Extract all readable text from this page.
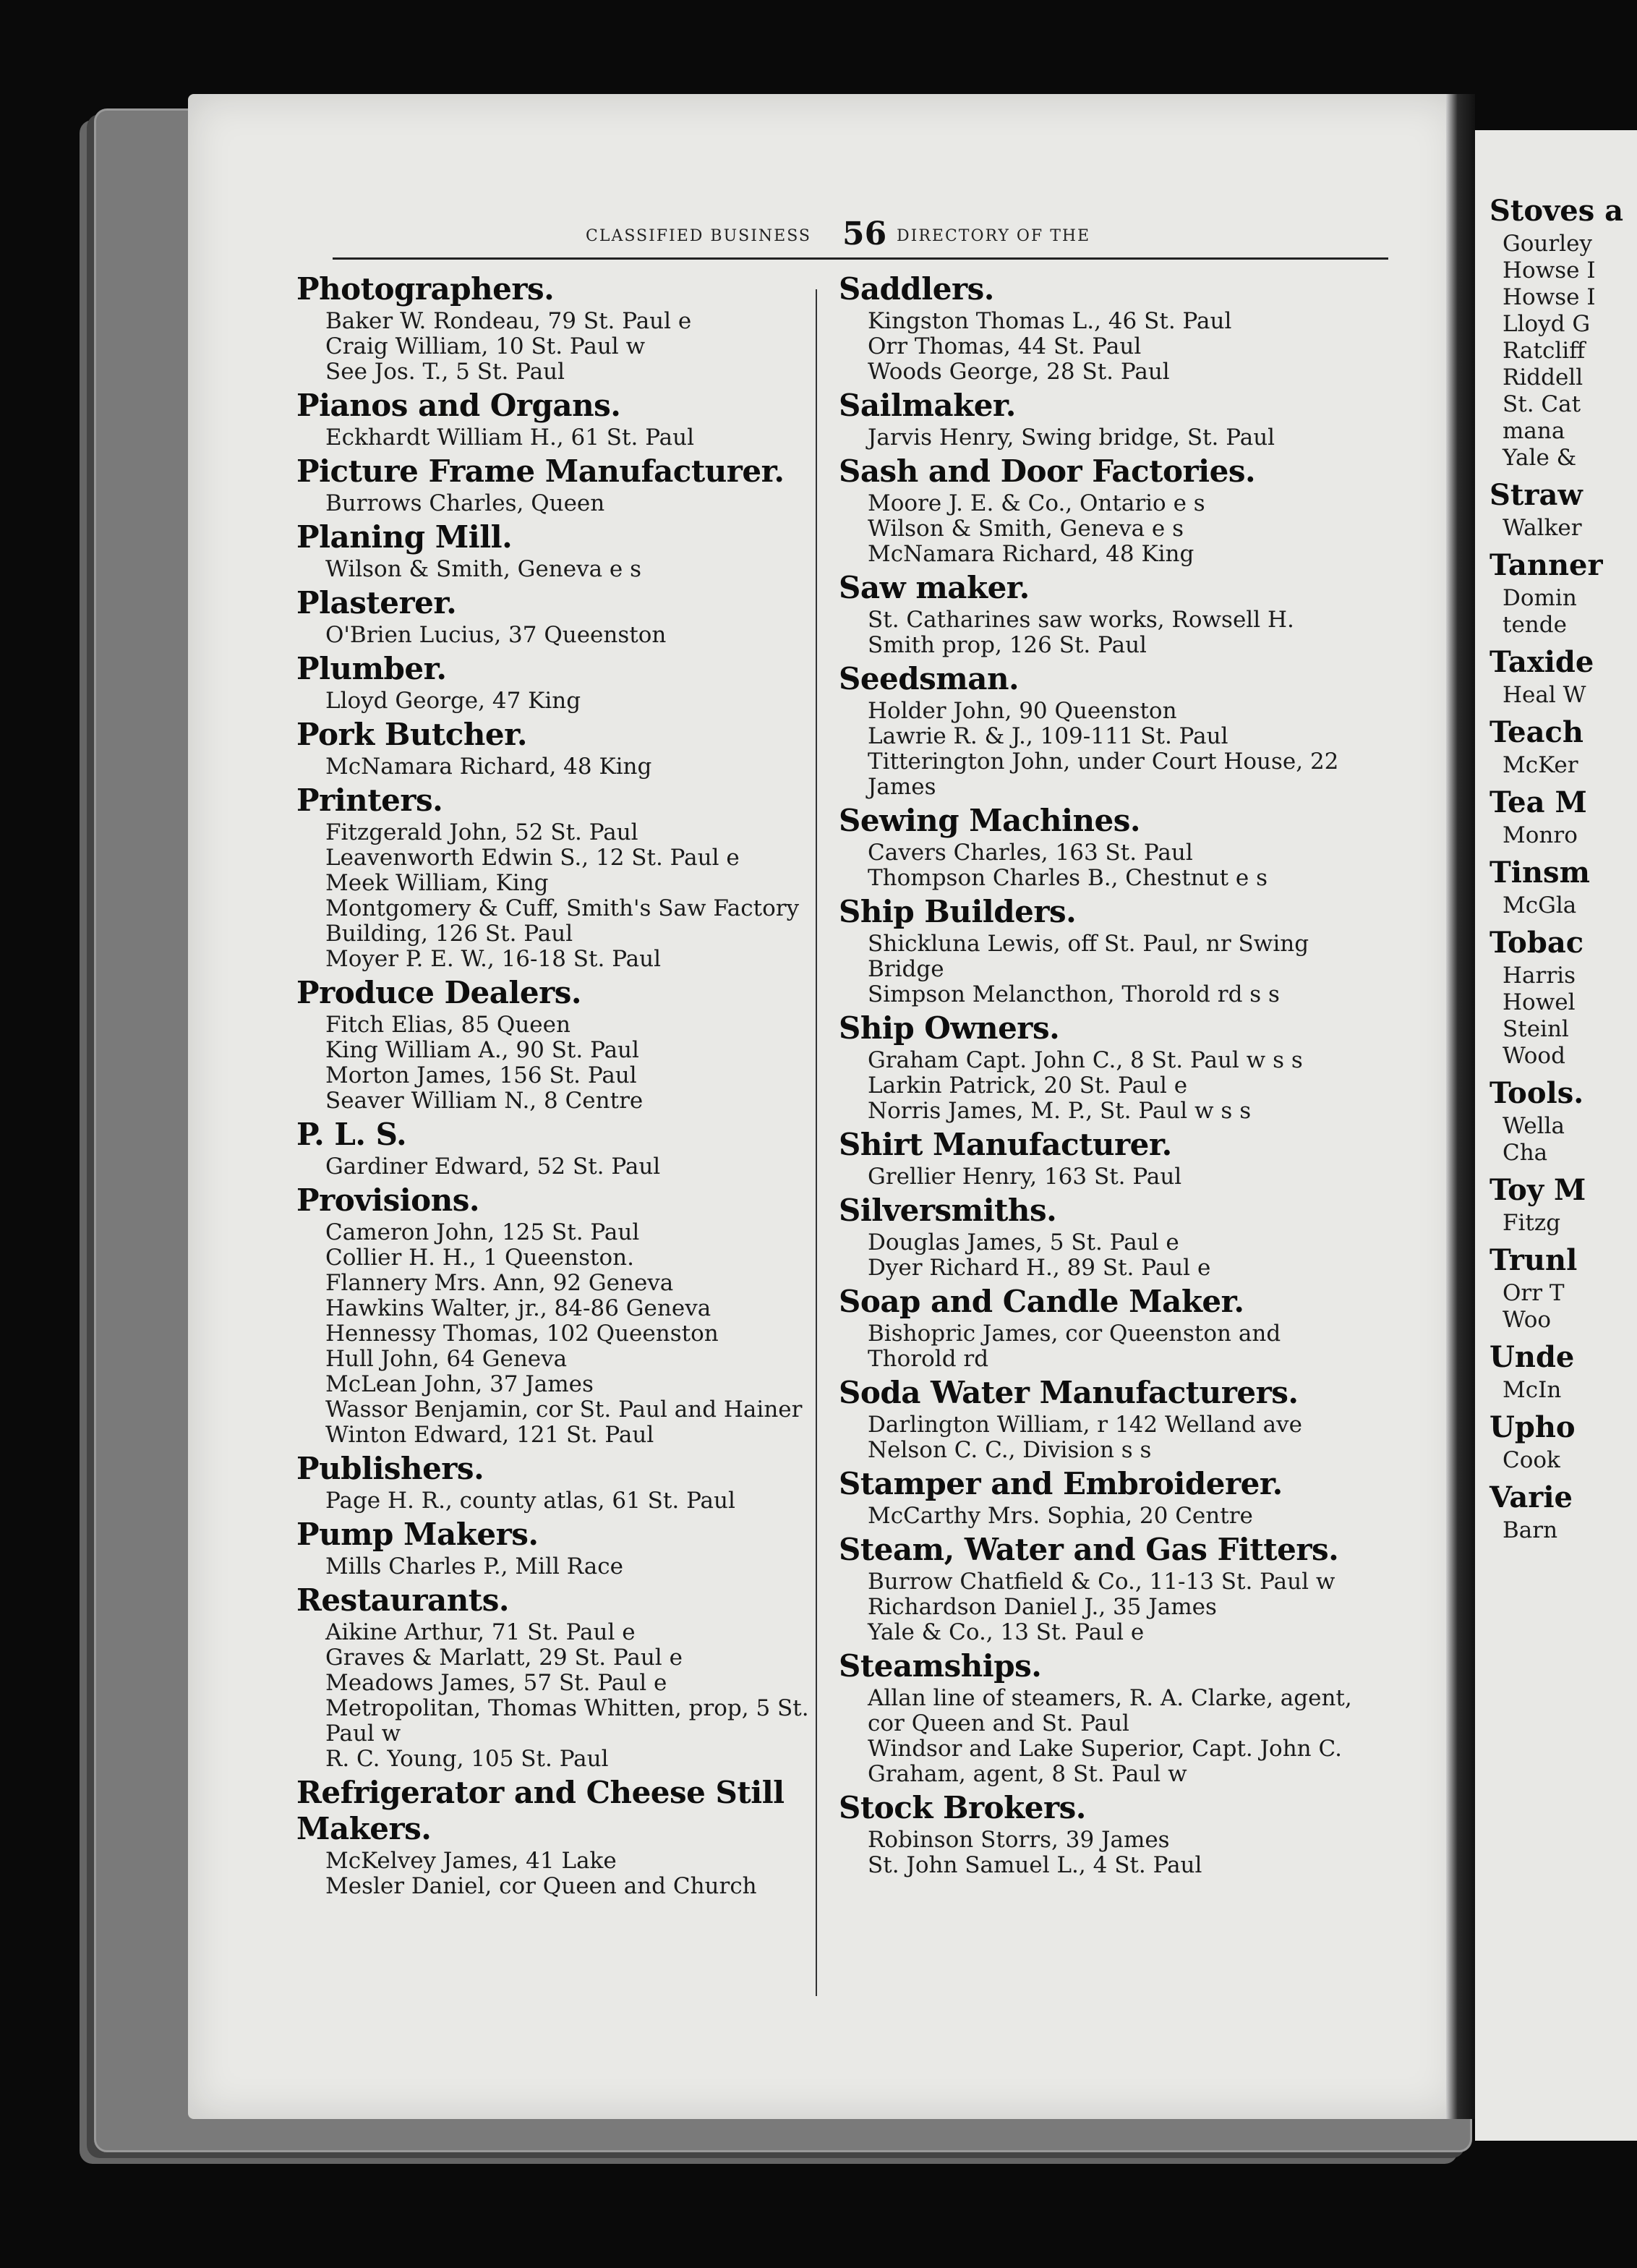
CLASSIFIED BUSINESS 56 DIRECTORY OF THE
Photographers.
Baker W. Rondeau, 79 St. Paul e
Craig William, 10 St. Paul w
See Jos. T., 5 St. Paul
Pianos and Organs.
Eckhardt William H., 61 St. Paul
Picture Frame Manufacturer.
Burrows Charles, Queen
Planing Mill.
Wilson & Smith, Geneva e s
Plasterer.
O'Brien Lucius, 37 Queenston
Plumber.
Lloyd George, 47 King
Pork Butcher.
McNamara Richard, 48 King
Printers.
Fitzgerald John, 52 St. Paul
Leavenworth Edwin S., 12 St. Paul e
Meek William, King
Montgomery & Cuff, Smith's Saw Factory Building, 126 St. Paul
Moyer P. E. W., 16-18 St. Paul
Produce Dealers.
Fitch Elias, 85 Queen
King William A., 90 St. Paul
Morton James, 156 St. Paul
Seaver William N., 8 Centre
P. L. S.
Gardiner Edward, 52 St. Paul
Provisions.
Cameron John, 125 St. Paul
Collier H. H., 1 Queenston.
Flannery Mrs. Ann, 92 Geneva
Hawkins Walter, jr., 84-86 Geneva
Hennessy Thomas, 102 Queenston
Hull John, 64 Geneva
McLean John, 37 James
Wassor Benjamin, cor St. Paul and Hainer
Winton Edward, 121 St. Paul
Publishers.
Page H. R., county atlas, 61 St. Paul
Pump Makers.
Mills Charles P., Mill Race
Restaurants.
Aikine Arthur, 71 St. Paul e
Graves & Marlatt, 29 St. Paul e
Meadows James, 57 St. Paul e
Metropolitan, Thomas Whitten, prop, 5 St. Paul w
R. C. Young, 105 St. Paul
Refrigerator and Cheese Still Makers.
McKelvey James, 41 Lake
Mesler Daniel, cor Queen and Church
Saddlers.
Kingston Thomas L., 46 St. Paul
Orr Thomas, 44 St. Paul
Woods George, 28 St. Paul
Sailmaker.
Jarvis Henry, Swing bridge, St. Paul
Sash and Door Factories.
Moore J. E. & Co., Ontario e s
Wilson & Smith, Geneva e s
McNamara Richard, 48 King
Saw maker.
St. Catharines saw works, Rowsell H. Smith prop, 126 St. Paul
Seedsman.
Holder John, 90 Queenston
Lawrie R. & J., 109-111 St. Paul
Titterington John, under Court House, 22 James
Sewing Machines.
Cavers Charles, 163 St. Paul
Thompson Charles B., Chestnut e s
Ship Builders.
Shickluna Lewis, off St. Paul, nr Swing Bridge
Simpson Melancthon, Thorold rd s s
Ship Owners.
Graham Capt. John C., 8 St. Paul w s s
Larkin Patrick, 20 St. Paul e
Norris James, M. P., St. Paul w s s
Shirt Manufacturer.
Grellier Henry, 163 St. Paul
Silversmiths.
Douglas James, 5 St. Paul e
Dyer Richard H., 89 St. Paul e
Soap and Candle Maker.
Bishopric James, cor Queenston and Thorold rd
Soda Water Manufacturers.
Darlington William, r 142 Welland ave
Nelson C. C., Division s s
Stamper and Embroiderer.
McCarthy Mrs. Sophia, 20 Centre
Steam, Water and Gas Fitters.
Burrow Chatfield & Co., 11-13 St. Paul w
Richardson Daniel J., 35 James
Yale & Co., 13 St. Paul e
Steamships.
Allan line of steamers, R. A. Clarke, agent, cor Queen and St. Paul
Windsor and Lake Superior, Capt. John C. Graham, agent, 8 St. Paul w
Stock Brokers.
Robinson Storrs, 39 James
St. John Samuel L., 4 St. Paul
Stoves a
Gourley
Howse I
Howse I
Lloyd G
Ratcliff
Riddell
St. Cat
mana
Yale &
Straw
Walker
Tanner
Domin
tende
Taxide
Heal W
Teach
McKer
Tea M
Monro
Tinsm
McGla
Tobac
Harris
Howel
Steinl
Wood
Tools.
Wella
Cha
Toy M
Fitzg
Trunl
Orr T
Woo
Unde
McIn
Upho
Cook
Varie
Barn
